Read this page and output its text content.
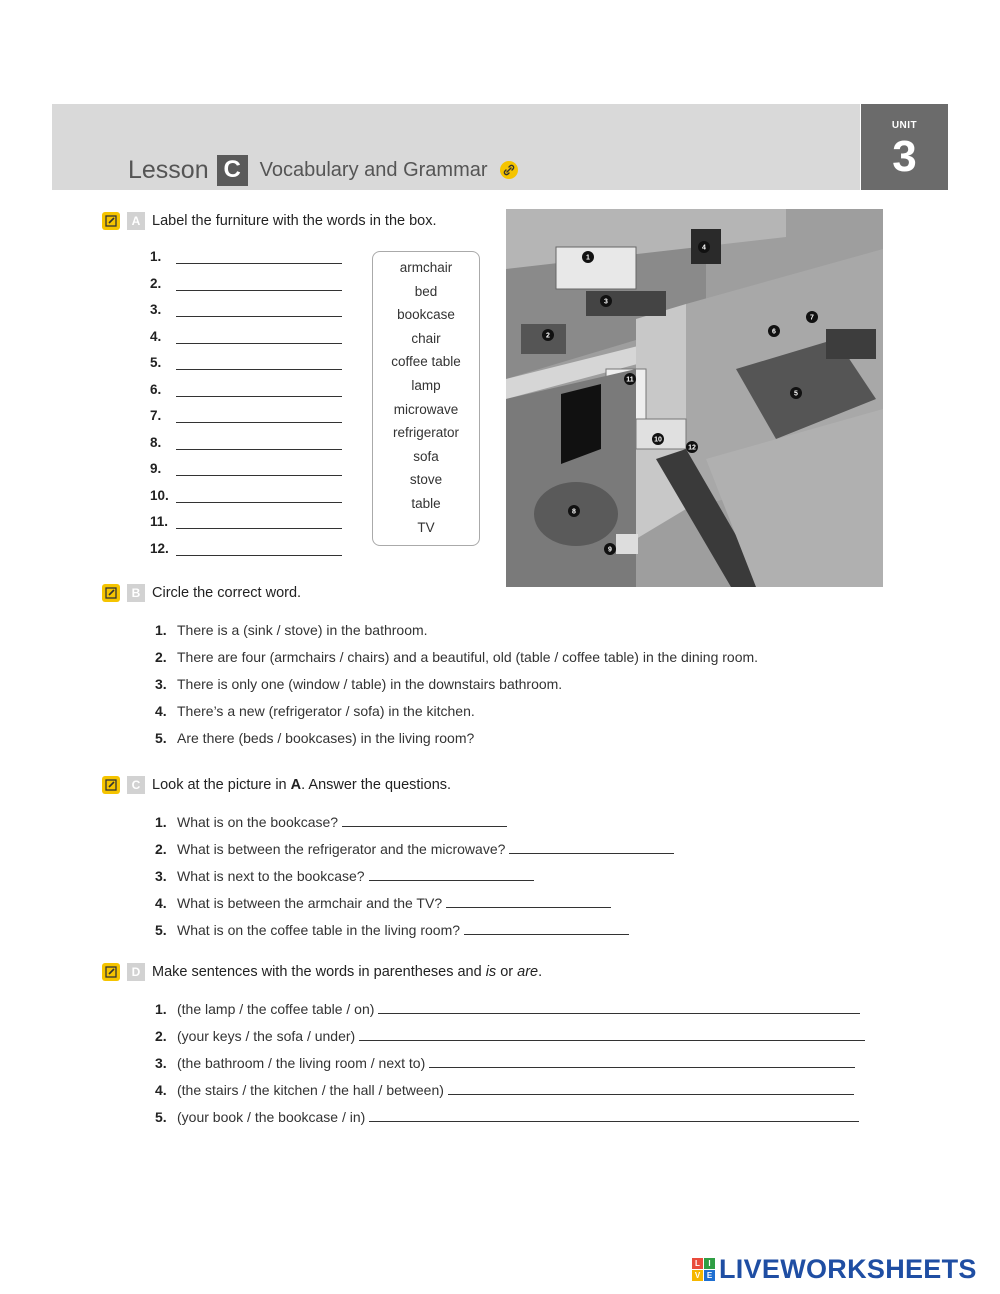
Lesson C Vocabulary and Grammar
UNIT
3
A Label the furniture with the words in the box.
1.
2.
3.
4.
5.
6.
7.
8.
9.
10.
11.
12.
armchair
bed
bookcase
chair
coffee table
lamp
microwave
refrigerator
sofa
stove
table
TV
1
2
3
4
5
6
7
8
9
10
11
12
B Circle the correct word.
1. There is a (sink / stove) in the bathroom.
2. There are four (armchairs / chairs) and a beautiful, old (table / coffee table) in the dining room.
3. There is only one (window / table) in the downstairs bathroom.
4. There’s a new (refrigerator / sofa) in the kitchen.
5. Are there (beds / bookcases) in the living room?
C Look at the picture in A. Answer the questions.
1. What is on the bookcase?
2. What is between the refrigerator and the microwave?
3. What is next to the bookcase?
4. What is between the armchair and the TV?
5. What is on the coffee table in the living room?
D Make sentences with the words in parentheses and is or are.
1. (the lamp / the coffee table / on)
2. (your keys / the sofa / under)
3. (the bathroom / the living room / next to)
4. (the stairs / the kitchen / the hall / between)
5. (your book / the bookcase / in)
L	I
V E LIVEWORKSHEETS
